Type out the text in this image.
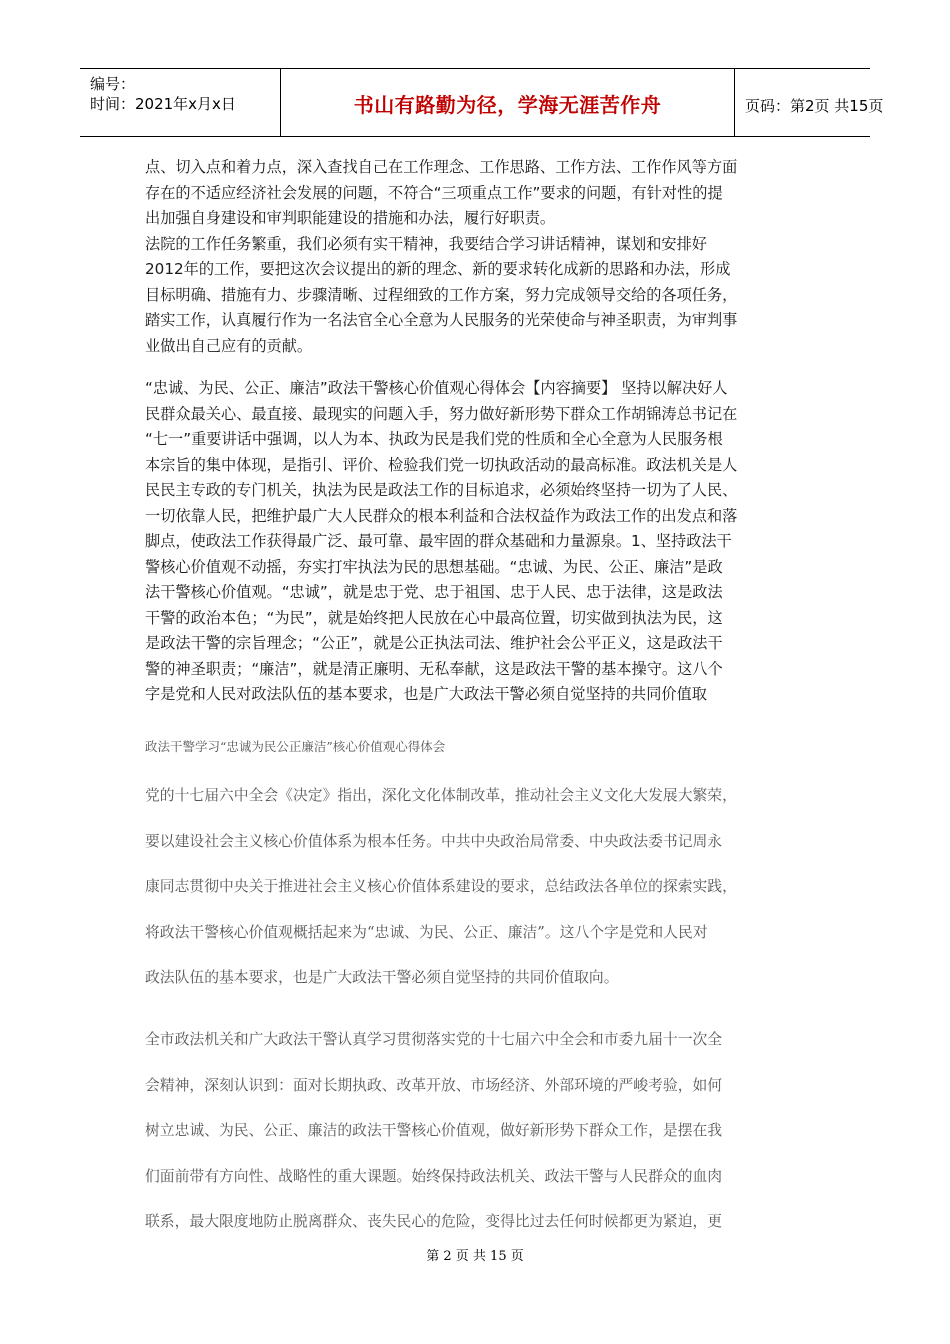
编号：
时间：2021年x月x日	书山有路勤为径，学海无涯苦作舟	页码：第2页 共15页

点、切入点和着力点，深入查找自己在工作理念、工作思路、工作方法、工作作风等方面

存在的不适应经济社会发展的问题，不符合“三项重点工作”要求的问题，有针对性的提

出加强自身建设和审判职能建设的措施和办法，履行好职责。

法院的工作任务繁重，我们必须有实干精神，我要结合学习讲话精神，谋划和安排好

2012年的工作，要把这次会议提出的新的理念、新的要求转化成新的思路和办法，形成

目标明确、措施有力、步骤清晰、过程细致的工作方案，努力完成领导交给的各项任务，

踏实工作，认真履行作为一名法官全心全意为人民服务的光荣使命与神圣职责，为审判事

业做出自己应有的贡献。

“忠诚、为民、公正、廉洁”政法干警核心价值观心得体会【内容摘要】 坚持以解决好人

民群众最关心、最直接、最现实的问题入手，努力做好新形势下群众工作胡锦涛总书记在

“七一”重要讲话中强调，以人为本、执政为民是我们党的性质和全心全意为人民服务根

本宗旨的集中体现，是指引、评价、检验我们党一切执政活动的最高标准。政法机关是人

民民主专政的专门机关，执法为民是政法工作的目标追求，必须始终坚持一切为了人民、

一切依靠人民，把维护最广大人民群众的根本利益和合法权益作为政法工作的出发点和落

脚点，使政法工作获得最广泛、最可靠、最牢固的群众基础和力量源泉。1、坚持政法干

警核心价值观不动摇，夯实打牢执法为民的思想基础。“忠诚、为民、公正、廉洁”是政

法干警核心价值观。“忠诚”，就是忠于党、忠于祖国、忠于人民、忠于法律，这是政法

干警的政治本色；“为民”，就是始终把人民放在心中最高位置，切实做到执法为民，这

是政法干警的宗旨理念；“公正”，就是公正执法司法、维护社会公平正义，这是政法干

警的神圣职责；“廉洁”，就是清正廉明、无私奉献，这是政法干警的基本操守。这八个

字是党和人民对政法队伍的基本要求，也是广大政法干警必须自觉坚持的共同价值取

政法干警学习“忠诚为民公正廉洁”核心价值观心得体会

党的十七届六中全会《决定》指出，深化文化体制改革，推动社会主义文化大发展大繁荣，

要以建设社会主义核心价值体系为根本任务。中共中央政治局常委、中央政法委书记周永

康同志贯彻中央关于推进社会主义核心价值体系建设的要求，总结政法各单位的探索实践，

将政法干警核心价值观概括起来为“忠诚、为民、公正、廉洁”。这八个字是党和人民对

政法队伍的基本要求，也是广大政法干警必须自觉坚持的共同价值取向。

全市政法机关和广大政法干警认真学习贯彻落实党的十七届六中全会和市委九届十一次全

会精神，深刻认识到：面对长期执政、改革开放、市场经济、外部环境的严峻考验，如何

树立忠诚、为民、公正、廉洁的政法干警核心价值观，做好新形势下群众工作，是摆在我

们面前带有方向性、战略性的重大课题。始终保持政法机关、政法干警与人民群众的血肉

联系，最大限度地防止脱离群众、丧失民心的危险，变得比过去任何时候都更为紧迫，更

第 2 页 共 15 页
